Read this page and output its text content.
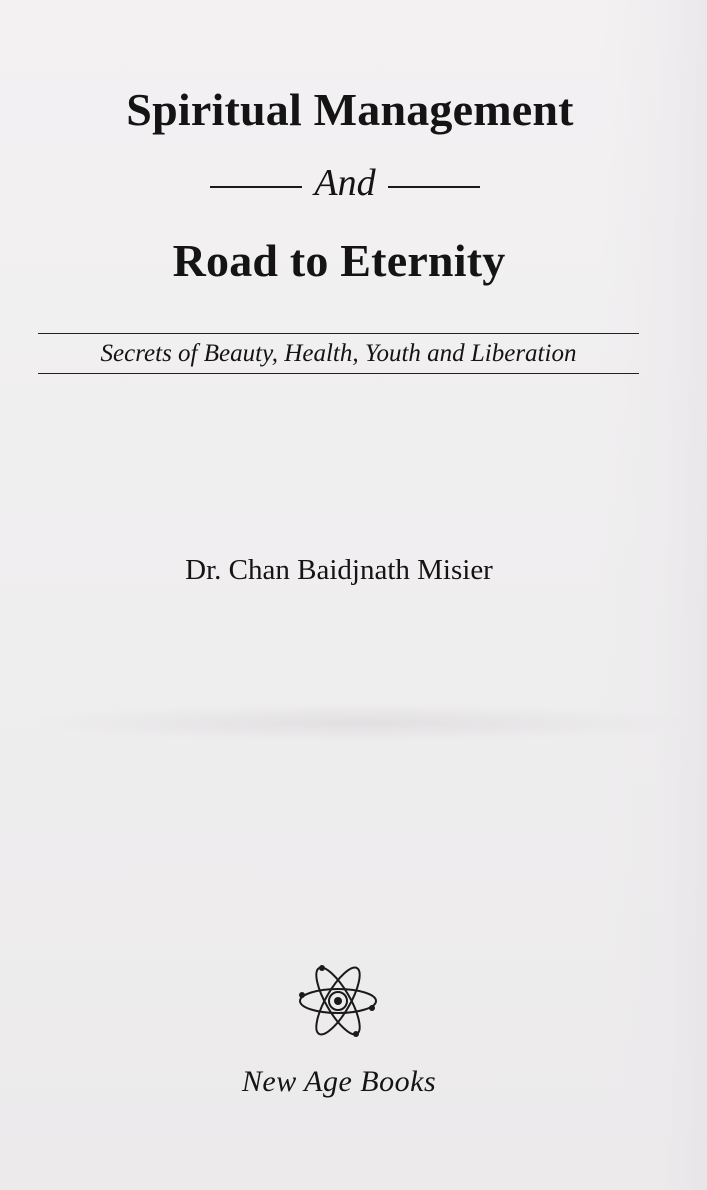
Spiritual Management
And
Road to Eternity
Secrets of Beauty, Health, Youth and Liberation
Dr. Chan Baidjnath Misier
New Age Books
